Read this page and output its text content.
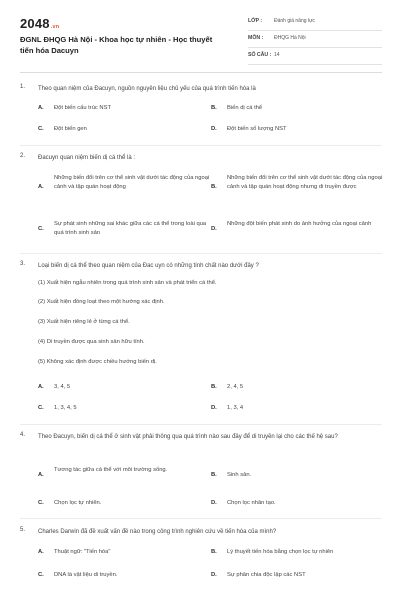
2048.vn
ĐGNL ĐHQG Hà Nội - Khoa học tự nhiên - Học thuyết tiến hóa Dacuyn
LỚP : Đánh giá năng lực
MÔN : ĐHQG Hà Nội
SỐ CÂU : 14
1. Theo quan niệm của Đacuyn, nguồn nguyên liệu chủ yếu của quá trình tiến hóa là
A. Đột biến cấu trúc NST	B. Biến dị cá thể
C. Đột biến gen	D. Đột biến số lượng NST
2. Đacuyn quan niệm biến dị cá thể là :
A.
Những biến đổi trên cơ thể sinh vật dưới tác động của ngoại cảnh và tập quán hoạt động	B.
Những biến đổi trên cơ thể sinh vật dưới tác động của ngoại cảnh và tập quán hoạt động nhưng di truyền được
C.
Sự phát sinh những sai khác giữa các cá thể trong loài qua quá trình sinh sản
D.
Những đột biến phát sinh do ảnh hưởng của ngoại cảnh
3. Loại biến dị cá thể theo quan niệm của Đac uyn có những tính chất nào dưới đây ?
(1) Xuất hiện ngẫu nhiên trong quá trình sinh sản và phát triển cá thể.
(2) Xuất hiện đồng loạt theo một hướng xác định.
(3) Xuất hiện riêng lẻ ở từng cá thể.
(4) Di truyền được qua sinh sản hữu tính.
(5) Không xác định được chiều hướng biến dị.
A. 3, 4, 5	B. 2, 4, 5
C. 1, 3, 4, 5	D. 1, 3, 4
4. Theo Đacuyn, biến dị cá thể ở sinh vật phải thông qua quá trình nào sau đây để di truyền lại cho các thế hệ sau?
A.
Tương tác giữa cá thể với môi trường sống.
B. Sinh sản.
C. Chọn lọc tự nhiên.	D. Chọn lọc nhân tạo.
5. Charles Darwin đã đề xuất vấn đề nào trong công trình nghiên cứu về tiến hóa của mình?
A. Thuật ngữ: "Tiến hóa"	B. Lý thuyết tiến hóa bằng chọn lọc tự nhiên
C. DNA là vật liệu di truyền.	D. Sự phân chia độc lập các NST
